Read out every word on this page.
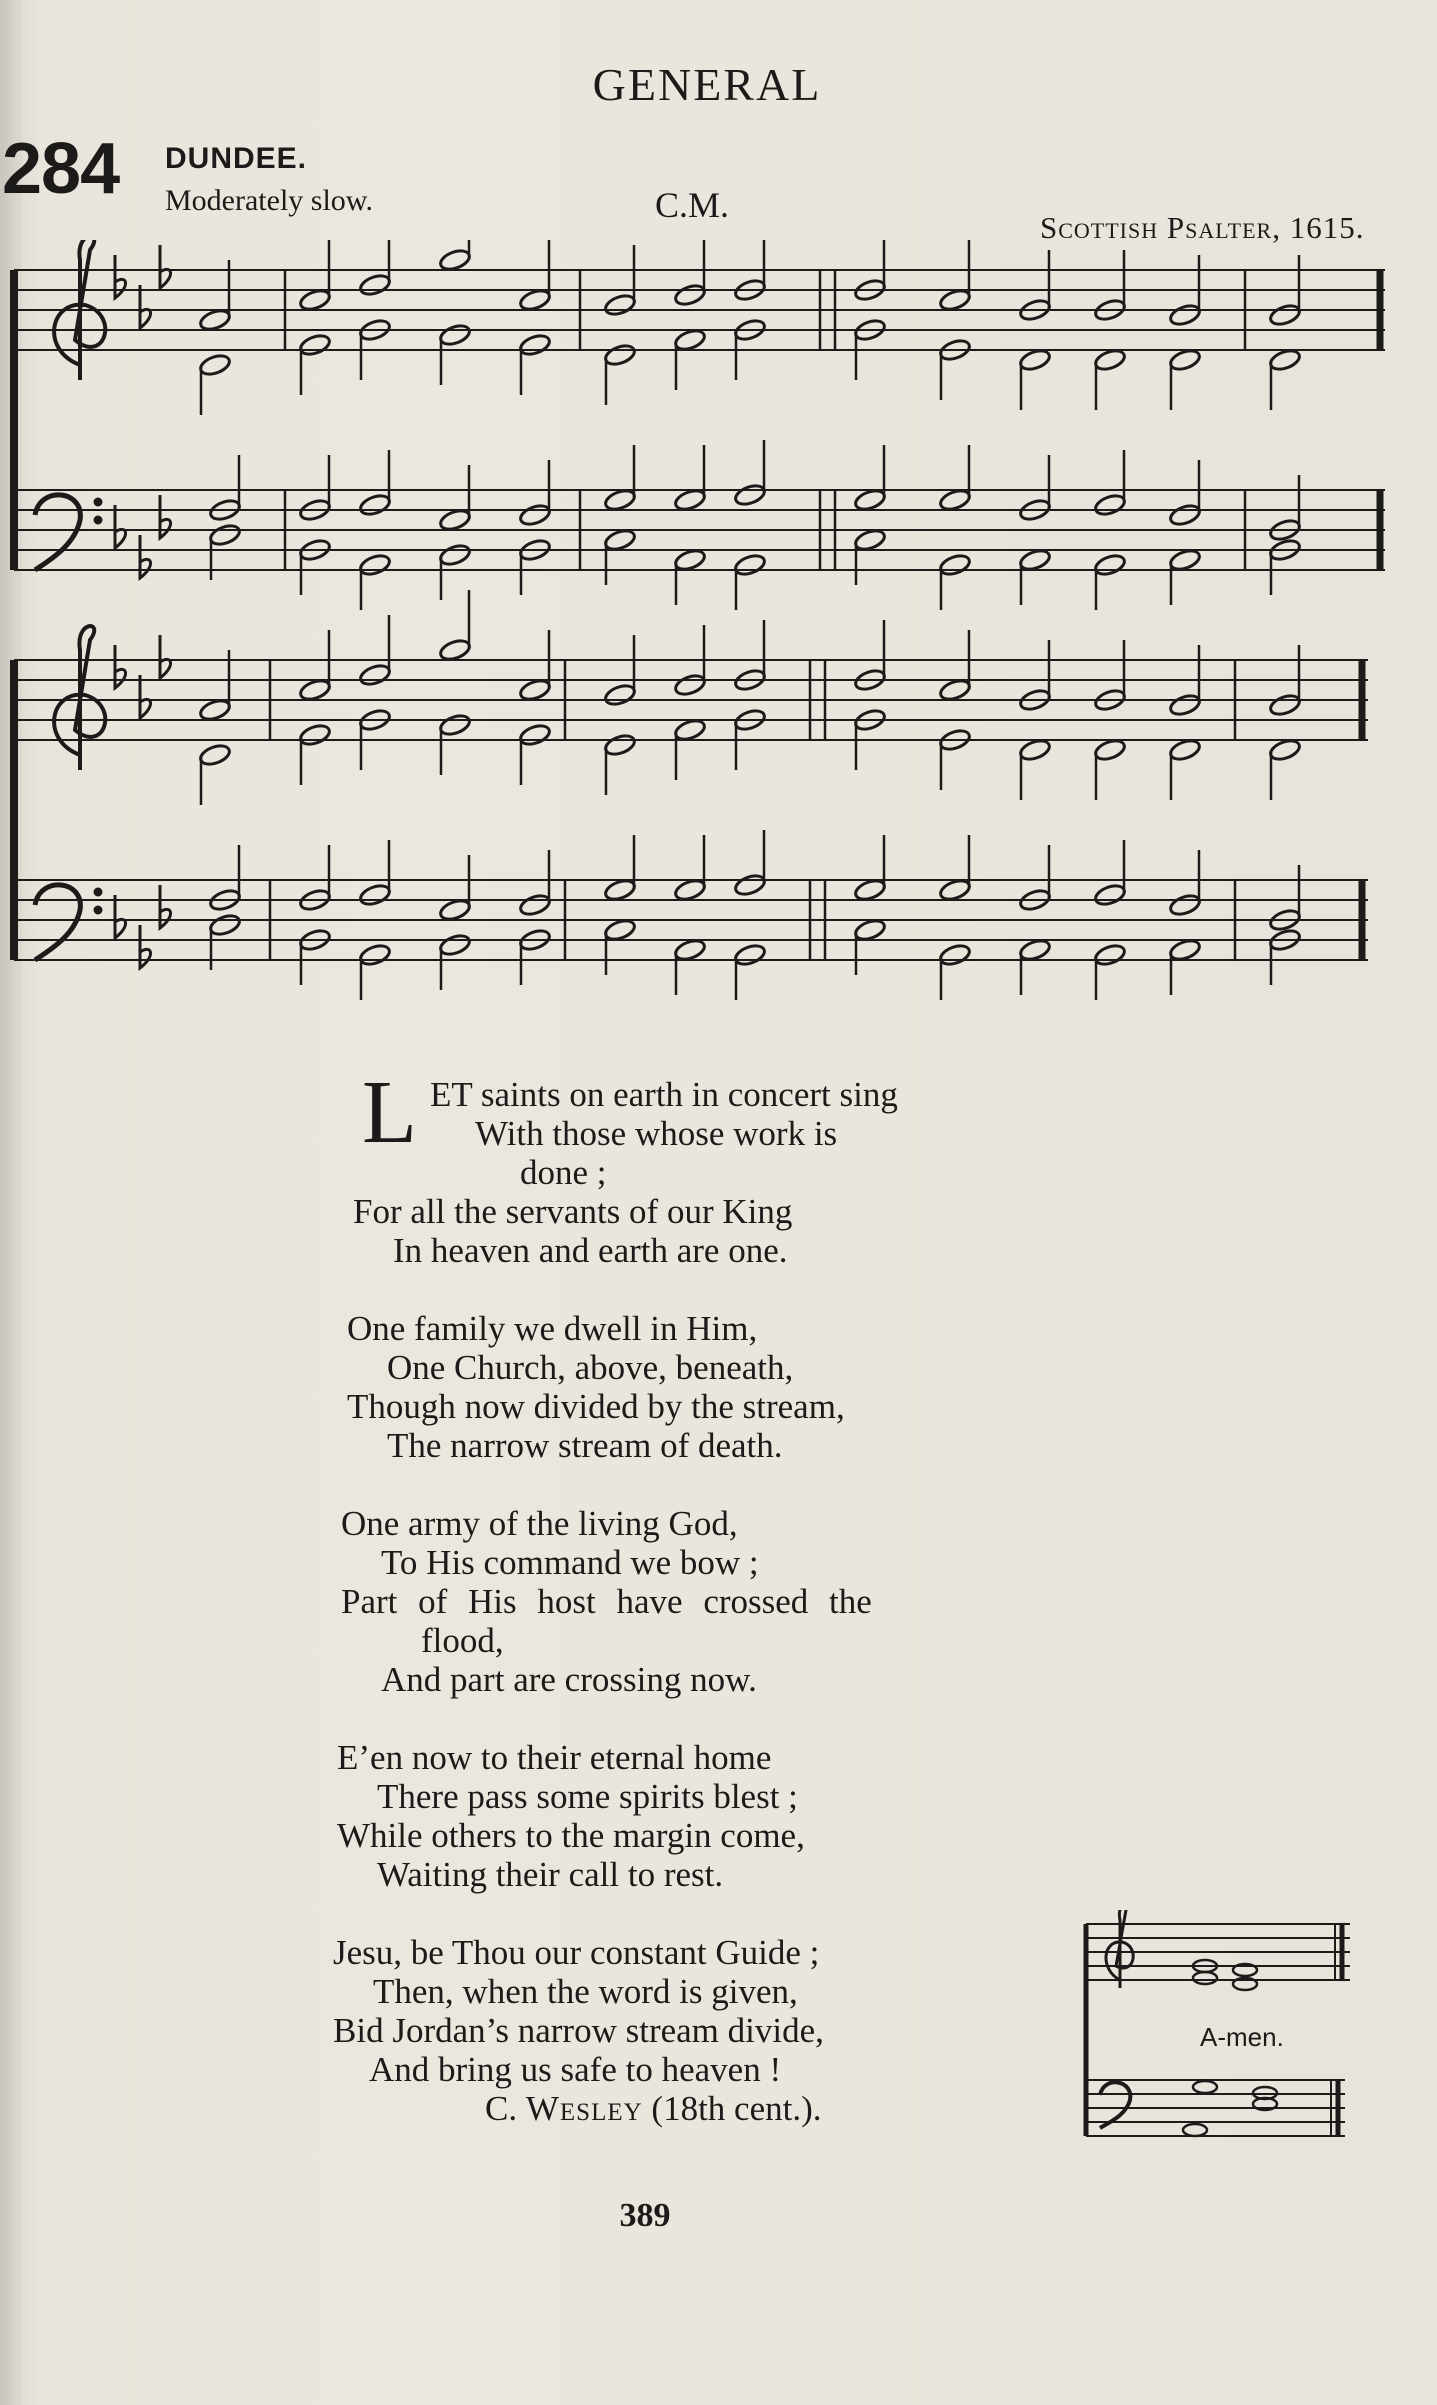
GENERAL
284 DUNDEE.
Moderately slow.	C.M.
Scottish Psalter, 1615.
L ET saints on earth in concert sing
With those whose work is
done ;
For all the servants of our King
In heaven and earth are one.
One family we dwell in Him,
One Church, above, beneath,
Though now divided by the stream,
The narrow stream of death.
One army of the living God,
To His command we bow ;
Part of His host have crossed the
flood,
And part are crossing now.
E’en now to their eternal home
There pass some spirits blest ;
While others to the margin come,
Waiting their call to rest.
Jesu, be Thou our constant Guide ;
Then, when the word is given,
Bid Jordan’s narrow stream divide,
And bring us safe to heaven !
C. Wesley (18th cent.).
A-men.
389
